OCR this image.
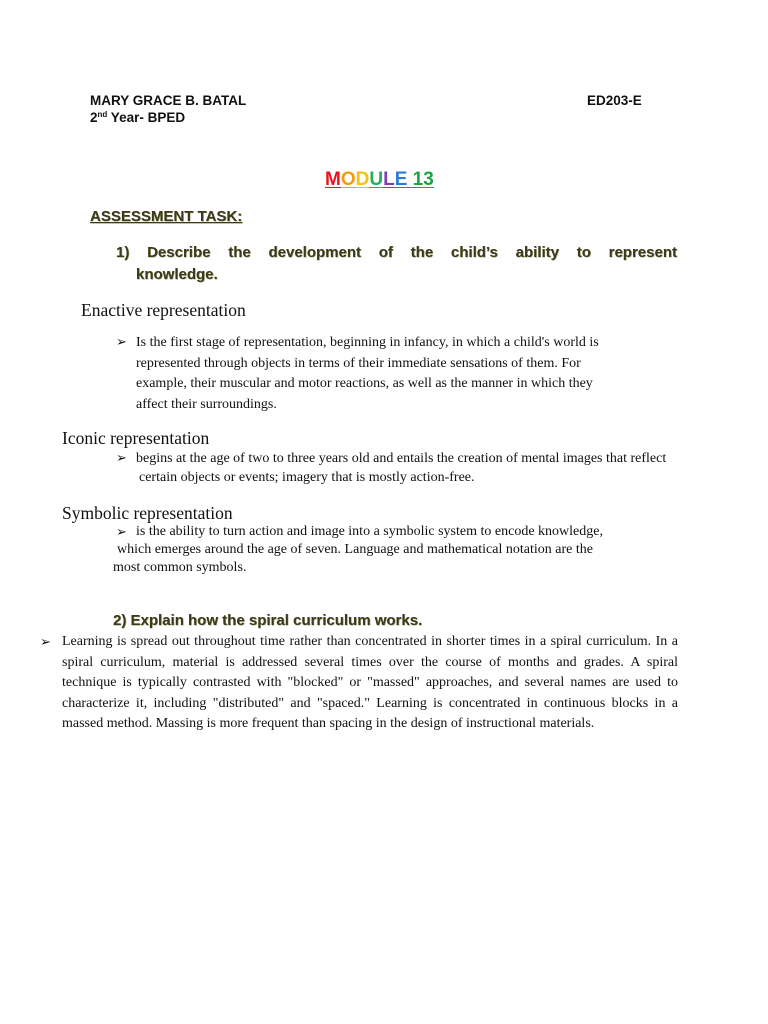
MARY GRACE B. BATAL	ED203-E
2nd Year- BPED
MODULE 13
ASSESSMENT TASK:
1) Describe the development of the child’s ability to represent
knowledge.
Enactive representation
➢ Is the first stage of representation, beginning in infancy, in which a child's world is
represented through objects in terms of their immediate sensations of them. For
example, their muscular and motor reactions, as well as the manner in which they
affect their surroundings.
Iconic representation
➢ begins at the age of two to three years old and entails the creation of mental images that reflect
certain objects or events; imagery that is mostly action-free.
Symbolic representation
➢ is the ability to turn action and image into a symbolic system to encode knowledge,
which emerges around the age of seven. Language and mathematical notation are the
most common symbols.
2) Explain how the spiral curriculum works.
➢ Learning is spread out throughout time rather than concentrated in shorter times in a spiral curriculum. In a spiral curriculum, material is addressed several times over the course of months and grades. A spiral technique is typically contrasted with "blocked" or "massed" approaches, and several names are used to characterize it, including "distributed" and "spaced." Learning is concentrated in continuous blocks in a massed method. Massing is more frequent than spacing in the design of instructional materials.
